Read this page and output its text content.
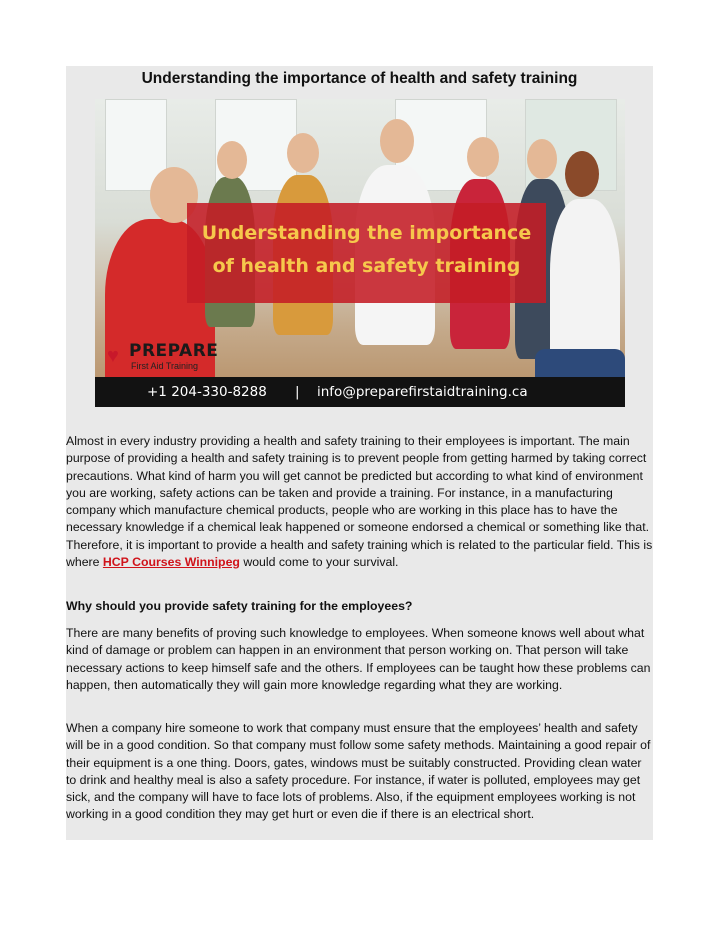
Understanding the importance of health and safety training
Understanding the importance
of health and safety training
♥ PREPARE
First Aid Training
+1 204-330-8288 | info@preparefirstaidtraining.ca

Almost in every industry providing a health and safety training to their employees is important. The main purpose of providing a health and safety training is to prevent people from getting harmed by taking correct precautions. What kind of harm you will get cannot be predicted but according to what kind of environment you are working, safety actions can be taken and provide a training. For instance, in a manufacturing company which manufacture chemical products, people who are working in this place has to have the necessary knowledge if a chemical leak happened or someone endorsed a chemical or something like that. Therefore, it is important to provide a health and safety training which is related to the particular field. This is where HCP Courses Winnipeg would come to your survival.

Why should you provide safety training for the employees?
There are many benefits of proving such knowledge to employees. When someone knows well about what kind of damage or problem can happen in an environment that person working on. That person will take necessary actions to keep himself safe and the others. If employees can be taught how these problems can happen, then automatically they will gain more knowledge regarding what they are working.
When a company hire someone to work that company must ensure that the employees’ health and safety will be in a good condition. So that company must follow some safety methods. Maintaining a good repair of their equipment is a one thing. Doors, gates, windows must be suitably constructed. Providing clean water to drink and healthy meal is also a safety procedure. For instance, if water is polluted, employees may get sick, and the company will have to face lots of problems. Also, if the equipment employees working is not working in a good condition they may get hurt or even die if there is an electrical short.
